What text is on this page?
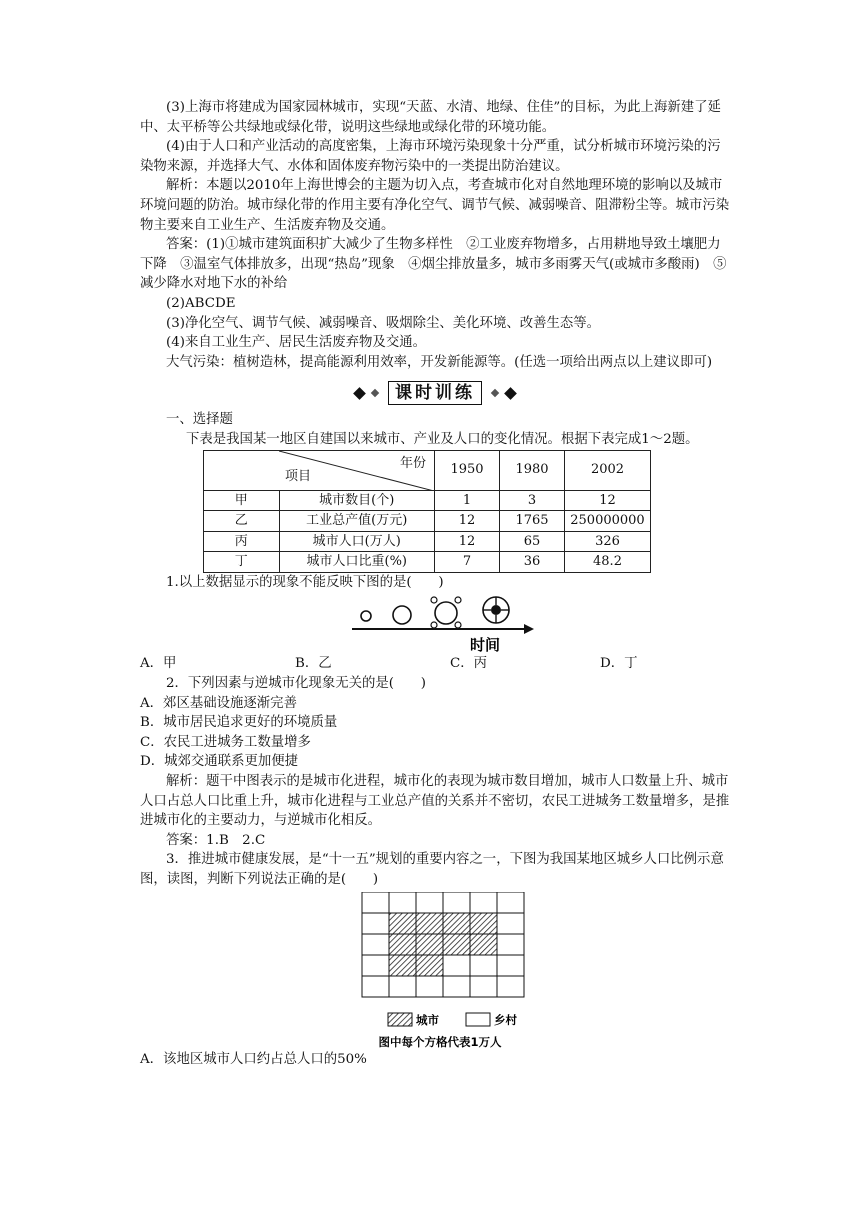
(3)上海市将建成为国家园林城市，实现“天蓝、水清、地绿、住佳”的目标，为此上海新建了延中、太平桥等公共绿地或绿化带，说明这些绿地或绿化带的环境功能。

(4)由于人口和产业活动的高度密集，上海市环境污染现象十分严重，试分析城市环境污染的污染物来源，并选择大气、水体和固体废弃物污染中的一类提出防治建议。

解析：本题以2010年上海世博会的主题为切入点，考查城市化对自然地理环境的影响以及城市环境问题的防治。城市绿化带的作用主要有净化空气、调节气候、减弱噪音、阻滞粉尘等。城市污染物主要来自工业生产、生活废弃物及交通。

答案：(1)①城市建筑面积扩大减少了生物多样性　②工业废弃物增多，占用耕地导致土壤肥力下降　③温室气体排放多，出现“热岛”现象　④烟尘排放量多，城市多雨雾天气(或城市多酸雨)　⑤减少降水对地下水的补给

(2)ABCDE

(3)净化空气、调节气候、减弱噪音、吸烟除尘、美化环境、改善生态等。

(4)来自工业生产、居民生活废弃物及交通。

大气污染：植树造林，提高能源利用效率，开发新能源等。(任选一项给出两点以上建议即可)

课时训练

一、选择题

下表是我国某一地区自建国以来城市、产业及人口的变化情况。根据下表完成1～2题。

	年份
项目	1950	1980	2002
甲	城市数目(个)	1	3	12
乙	工业总产值(万元)	12	1765	250000000
丙	城市人口(万人)	12	65	326
丁	城市人口比重(%)	7	36	48.2

1.以上数据显示的现象不能反映下图的是(　　)

时间
A．甲	B．乙	C．丙	D．丁

2．下列因素与逆城市化现象无关的是(　　)

A．郊区基础设施逐渐完善

B．城市居民追求更好的环境质量

C．农民工进城务工数量增多

D．城郊交通联系更加便捷

解析：题干中图表示的是城市化进程，城市化的表现为城市数目增加，城市人口数量上升、城市人口占总人口比重上升，城市化进程与工业总产值的关系并不密切，农民工进城务工数量增多，是推进城市化的主要动力，与逆城市化相反。

答案：1.B　2.C

3．推进城市健康发展，是“十一五”规划的重要内容之一，下图为我国某地区城乡人口比例示意图，读图，判断下列说法正确的是(　　)

城市	乡村
图中每个方格代表1万人

A．该地区城市人口约占总人口的50%
